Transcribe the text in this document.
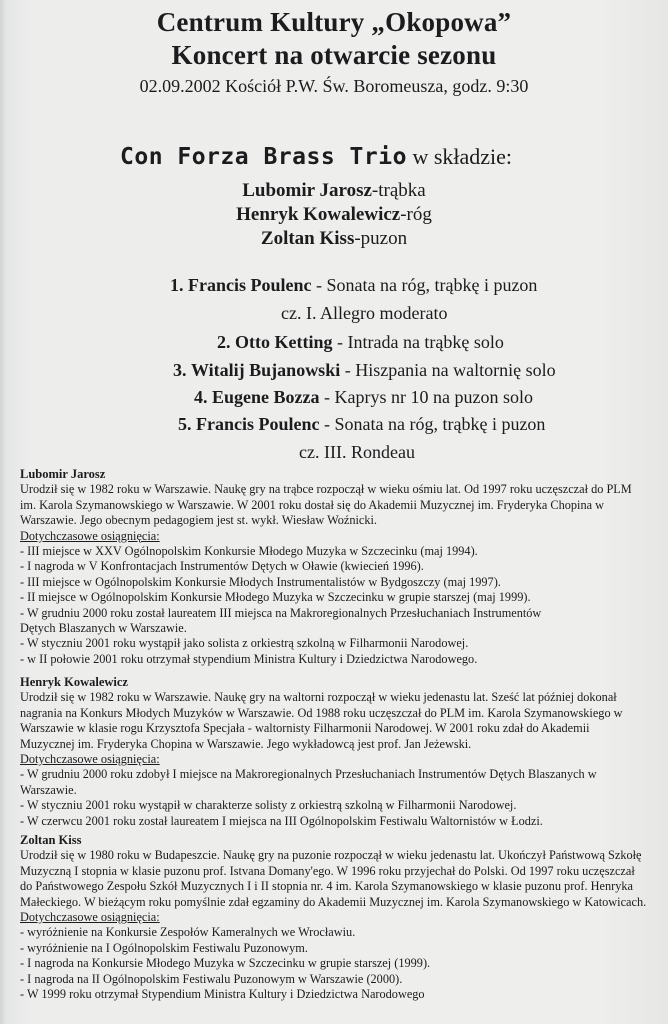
Centrum Kultury „Okopowa”
Koncert na otwarcie sezonu
02.09.2002 Kościół P.W. Św. Boromeusza, godz. 9:30
Con Forza Brass Trio w składzie:
Lubomir Jarosz-trąbka
Henryk Kowalewicz-róg
Zoltan Kiss-puzon
1. Francis Poulenc - Sonata na róg, trąbkę i puzon
cz. I. Allegro moderato
2. Otto Ketting - Intrada na trąbkę solo
3. Witalij Bujanowski - Hiszpania na waltornię solo
4. Eugene Bozza - Kaprys nr 10 na puzon solo
5. Francis Poulenc - Sonata na róg, trąbkę i puzon
cz. III. Rondeau

Lubomir Jarosz

Urodził się w 1982 roku w Warszawie. Naukę gry na trąbce rozpoczął w wieku ośmiu lat. Od 1997 roku uczęszczał do PLM

im. Karola Szymanowskiego w Warszawie. W 2001 roku dostał się do Akademii Muzycznej im. Fryderyka Chopina w

Warszawie. Jego obecnym pedagogiem jest st. wykł. Wiesław Woźnicki.

Dotychczasowe osiągnięcia:

- III miejsce w XXV Ogólnopolskim Konkursie Młodego Muzyka w Szczecinku (maj 1994).
- I nagroda w V Konfrontacjach Instrumentów Dętych w Oławie (kwiecień 1996).
- III miejsce w Ogólnopolskim Konkursie Młodych Instrumentalistów w Bydgoszczy (maj 1997).
- II miejsce w Ogólnopolskim Konkursie Młodego Muzyka w Szczecinku w grupie starszej (maj 1999).
- W grudniu 2000 roku został laureatem III miejsca na Makroregionalnych Przesłuchaniach Instrumentów
Dętych Blaszanych w Warszawie.
- W styczniu 2001 roku wystąpił jako solista z orkiestrą szkolną w Filharmonii Narodowej.
- w II połowie 2001 roku otrzymał stypendium Ministra Kultury i Dziedzictwa Narodowego.

Henryk Kowalewicz

Urodził się w 1982 roku w Warszawie. Naukę gry na waltorni rozpoczął w wieku jedenastu lat. Sześć lat później dokonał

nagrania na Konkurs Młodych Muzyków w Warszawie. Od 1988 roku uczęszczał do PLM im. Karola Szymanowskiego w

Warszawie w klasie rogu Krzysztofa Specjała - waltornisty Filharmonii Narodowej. W 2001 roku zdał do Akademii

Muzycznej im. Fryderyka Chopina w Warszawie. Jego wykładowcą jest prof. Jan Jeżewski.

Dotychczasowe osiągnięcia:

- W grudniu 2000 roku zdobył I miejsce na Makroregionalnych Przesłuchaniach Instrumentów Dętych Blaszanych w
Warszawie.
- W styczniu 2001 roku wystąpił w charakterze solisty z orkiestrą szkolną w Filharmonii Narodowej.
- W czerwcu 2001 roku został laureatem I miejsca na III Ogólnopolskim Festiwalu Waltornistów w Łodzi.

Zoltan Kiss

Urodził się w 1980 roku w Budapeszcie. Naukę gry na puzonie rozpoczął w wieku jedenastu lat. Ukończył Państwową Szkołę

Muzyczną I stopnia w klasie puzonu prof. Istvana Domany'ego. W 1996 roku przyjechał do Polski. Od 1997 roku uczęszczał

do Państwowego Zespołu Szkół Muzycznych I i II stopnia nr. 4 im. Karola Szymanowskiego w klasie puzonu prof. Henryka

Małeckiego. W bieżącym roku pomyślnie zdał egzaminy do Akademii Muzycznej im. Karola Szymanowskiego w Katowicach.

Dotychczasowe osiągnięcia:

- wyróżnienie na Konkursie Zespołów Kameralnych we Wrocławiu.
- wyróżnienie na I Ogólnopolskim Festiwalu Puzonowym.
- I nagroda na Konkursie Młodego Muzyka w Szczecinku w grupie starszej (1999).
- I nagroda na II Ogólnopolskim Festiwalu Puzonowym w Warszawie (2000).
- W 1999 roku otrzymał Stypendium Ministra Kultury i Dziedzictwa Narodowego
